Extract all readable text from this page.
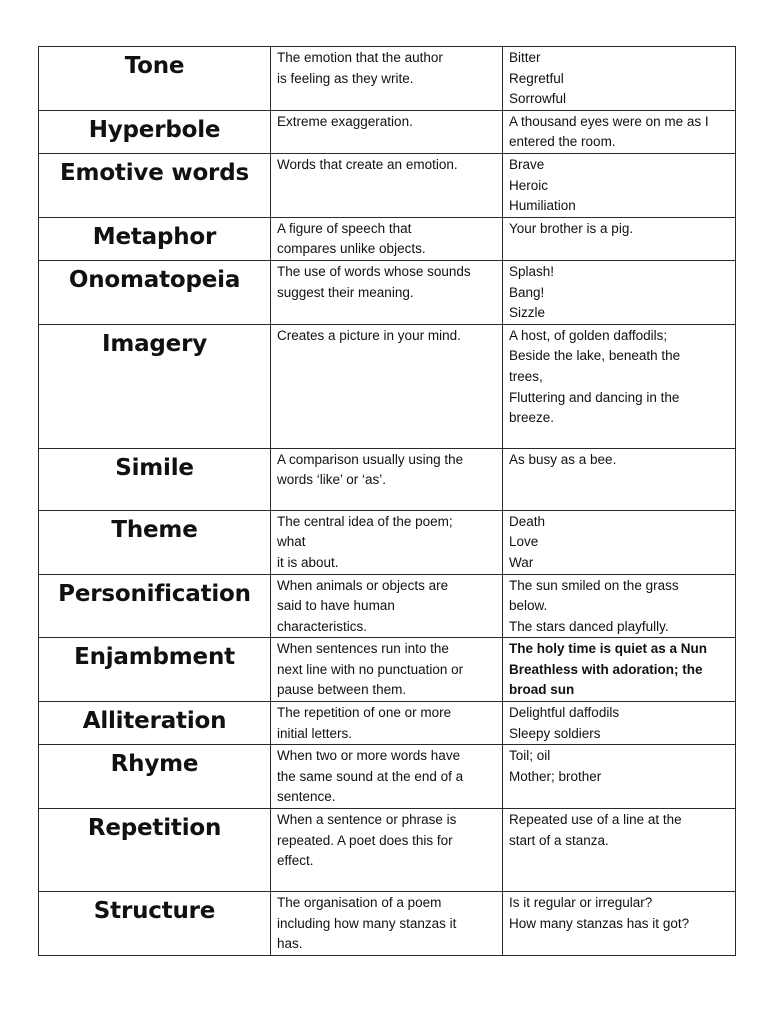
Tone	The emotion that the author
is feeling as they write.	Bitter
Regretful
Sorrowful

Hyperbole	Extreme exaggeration.	A thousand eyes were on me as I
entered the room.

Emotive words	Words that create an emotion.	Brave
Heroic
Humiliation

Metaphor	A figure of speech that
compares unlike objects.	Your brother is a pig.

Onomatopeia	The use of words whose sounds
suggest their meaning.	Splash!
Bang!
Sizzle

Imagery	Creates a picture in your mind.	A host, of golden daffodils;
Beside the lake, beneath the
trees,
Fluttering and dancing in the
breeze.

Simile	A comparison usually using the
words ‘like’ or ‘as’.	As busy as a bee.

Theme	The central idea of the poem;
what
it is about.	Death
Love
War

Personification	When animals or objects are
said to have human
characteristics.	The sun smiled on the grass
below.
The stars danced playfully.

Enjambment	When sentences run into the
next line with no punctuation or
pause between them.	The holy time is quiet as a Nun
Breathless with adoration; the
broad sun

Alliteration	The repetition of one or more
initial letters.	Delightful daffodils
Sleepy soldiers

Rhyme	When two or more words have
the same sound at the end of a
sentence.	Toil; oil
Mother; brother

Repetition	When a sentence or phrase is
repeated. A poet does this for
effect.	Repeated use of a line at the
start of a stanza.

Structure	The organisation of a poem
including how many stanzas it
has.	Is it regular or irregular?
How many stanzas has it got?
